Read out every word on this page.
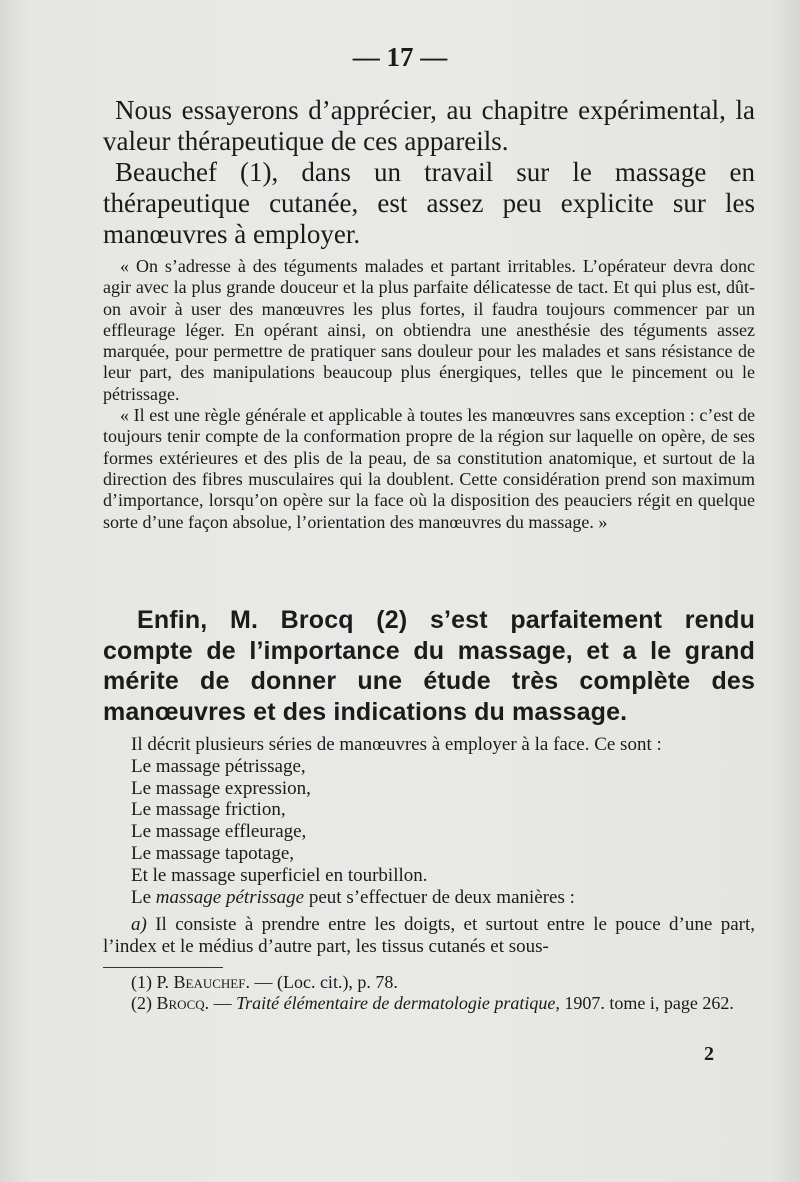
— 17 —

Nous essayerons d’apprécier, au chapitre expérimental, la valeur thérapeutique de ces appareils.

Beauchef (1), dans un travail sur le massage en thérapeutique cutanée, est assez peu explicite sur les manœuvres à employer.

« On s’adresse à des téguments malades et partant irritables. L’opérateur devra donc agir avec la plus grande douceur et la plus parfaite délicatesse de tact. Et qui plus est, dût-on avoir à user des manœuvres les plus fortes, il faudra toujours commencer par un effleurage léger. En opérant ainsi, on obtiendra une anesthésie des téguments assez marquée, pour permettre de pratiquer sans douleur pour les malades et sans résistance de leur part, des manipulations beaucoup plus énergiques, telles que le pincement ou le pétrissage.

« Il est une règle générale et applicable à toutes les manœuvres sans exception : c’est de toujours tenir compte de la conformation propre de la région sur laquelle on opère, de ses formes extérieures et des plis de la peau, de sa constitution anatomique, et surtout de la direction des fibres musculaires qui la doublent. Cette considération prend son maximum d’importance, lorsqu’on opère sur la face où la disposition des peauciers régit en quelque sorte d’une façon absolue, l’orientation des manœuvres du massage. »

Enfin, M. Brocq (2) s’est parfaitement rendu compte de l’importance du massage, et a le grand mérite de donner une étude très complète des manœuvres et des indications du massage.

Il décrit plusieurs séries de manœuvres à employer à la face. Ce sont :

Le massage pétrissage,

Le massage expression,

Le massage friction,

Le massage effleurage,

Le massage tapotage,

Et le massage superficiel en tourbillon.

Le massage pétrissage peut s’effectuer de deux manières :

a) Il consiste à prendre entre les doigts, et surtout entre le pouce d’une part, l’index et le médius d’autre part, les tissus cutanés et sous-

(1) P. Beauchef. — (Loc. cit.), p. 78.

(2) Brocq. — Traité élémentaire de dermatologie pratique, 1907. tome i, page 262.

2
